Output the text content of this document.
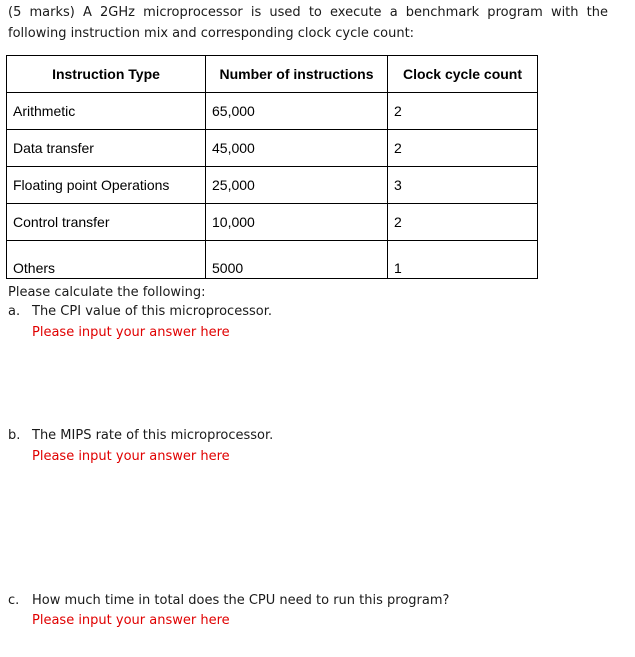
(5 marks) A 2GHz microprocessor is used to execute a benchmark program with the following instruction mix and corresponding clock cycle count:
Instruction Type	Number of instructions	Clock cycle count
Arithmetic	65,000	2
Data transfer	45,000	2
Floating point Operations	25,000	3
Control transfer	10,000	2
Others	5000	1
Please calculate the following:
a. The CPI value of this microprocessor.
Please input your answer here
b. The MIPS rate of this microprocessor.
Please input your answer here
c. How much time in total does the CPU need to run this program?
Please input your answer here
